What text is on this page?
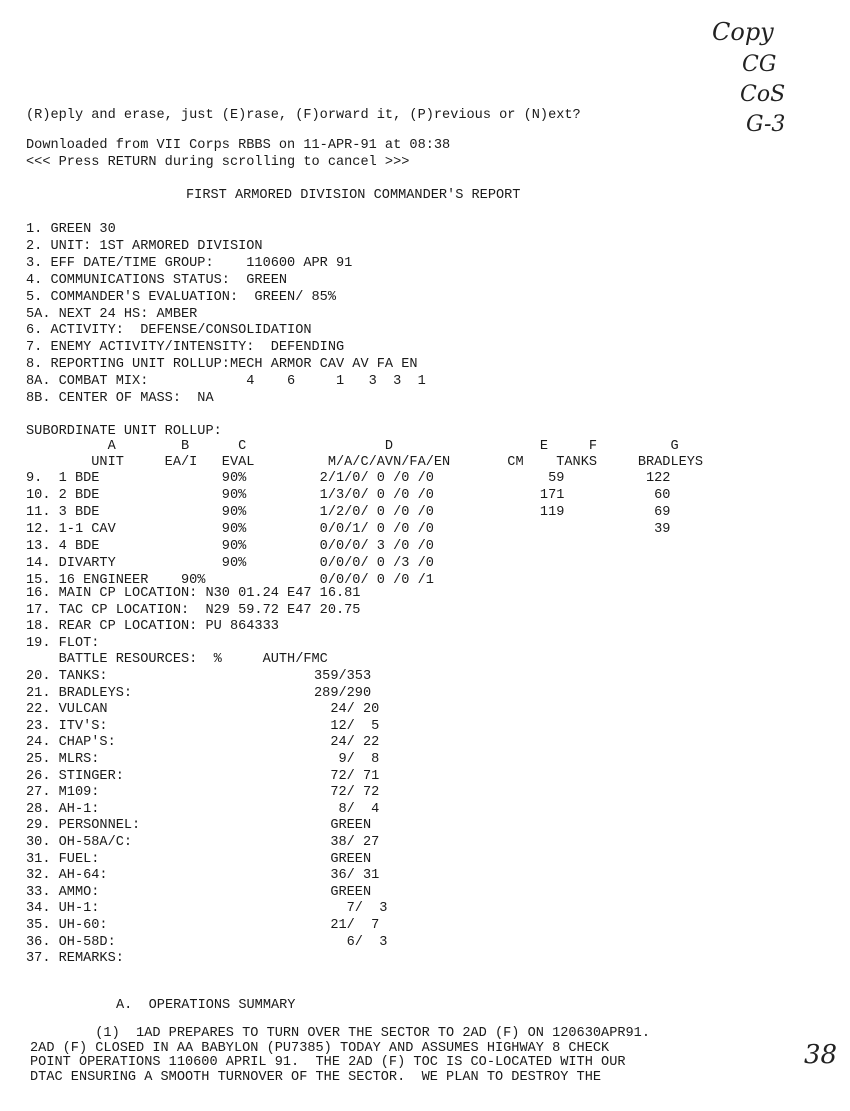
Copy
CG
CoS
G-3
38
(R)eply and erase, just (E)rase, (F)orward it, (P)revious or (N)ext?
Downloaded from VII Corps RBBS on 11-APR-91 at 08:38
<<< Press RETURN during scrolling to cancel >>>
FIRST ARMORED DIVISION COMMANDER'S REPORT
1. GREEN 30
2. UNIT: 1ST ARMORED DIVISION
3. EFF DATE/TIME GROUP:    110600 APR 91
4. COMMUNICATIONS STATUS:  GREEN
5. COMMANDER'S EVALUATION:  GREEN/ 85%
5A. NEXT 24 HS: AMBER
6. ACTIVITY:  DEFENSE/CONSOLIDATION
7. ENEMY ACTIVITY/INTENSITY:  DEFENDING
8. REPORTING UNIT ROLLUP:MECH ARMOR CAV AV FA EN
8A. COMBAT MIX:            4    6     1   3  3  1
8B. CENTER OF MASS:  NA
SUBORDINATE UNIT ROLLUP:
A        B      C                 D                  E     F         G
UNIT     EA/I   EVAL         M/A/C/AVN/FA/EN       CM    TANKS     BRADLEYS
9.  1 BDE               90%         2/1/0/ 0 /0 /0              59          122
10. 2 BDE               90%         1/3/0/ 0 /0 /0             171           60
11. 3 BDE               90%         1/2/0/ 0 /0 /0             119           69
12. 1-1 CAV             90%         0/0/1/ 0 /0 /0                           39
13. 4 BDE               90%         0/0/0/ 3 /0 /0
14. DIVARTY             90%         0/0/0/ 0 /3 /0
15. 16 ENGINEER    90%              0/0/0/ 0 /0 /1
16. MAIN CP LOCATION: N30 01.24 E47 16.81
17. TAC CP LOCATION:  N29 59.72 E47 20.75
18. REAR CP LOCATION: PU 864333
19. FLOT:
BATTLE RESOURCES:  %     AUTH/FMC
20. TANKS:	359/353
21. BRADLEYS:	289/290
22. VULCAN	24/ 20
23. ITV'S:	12/  5
24. CHAP'S:	24/ 22
25. MLRS:	9/  8
26. STINGER:	72/ 71
27. M109:	72/ 72
28. AH-1:	8/  4
29. PERSONNEL:	GREEN
30. OH-58A/C:	38/ 27
31. FUEL:	GREEN
32. AH-64:	36/ 31
33. AMMO:	GREEN
34. UH-1:	7/  3
35. UH-60:	21/  7
36. OH-58D:	6/  3
37. REMARKS:
A.  OPERATIONS SUMMARY
(1)  1AD PREPARES TO TURN OVER THE SECTOR TO 2AD (F) ON 120630APR91.
2AD (F) CLOSED IN AA BABYLON (PU7385) TODAY AND ASSUMES HIGHWAY 8 CHECK
POINT OPERATIONS 110600 APRIL 91.  THE 2AD (F) TOC IS CO-LOCATED WITH OUR
DTAC ENSURING A SMOOTH TURNOVER OF THE SECTOR.  WE PLAN TO DESTROY THE
